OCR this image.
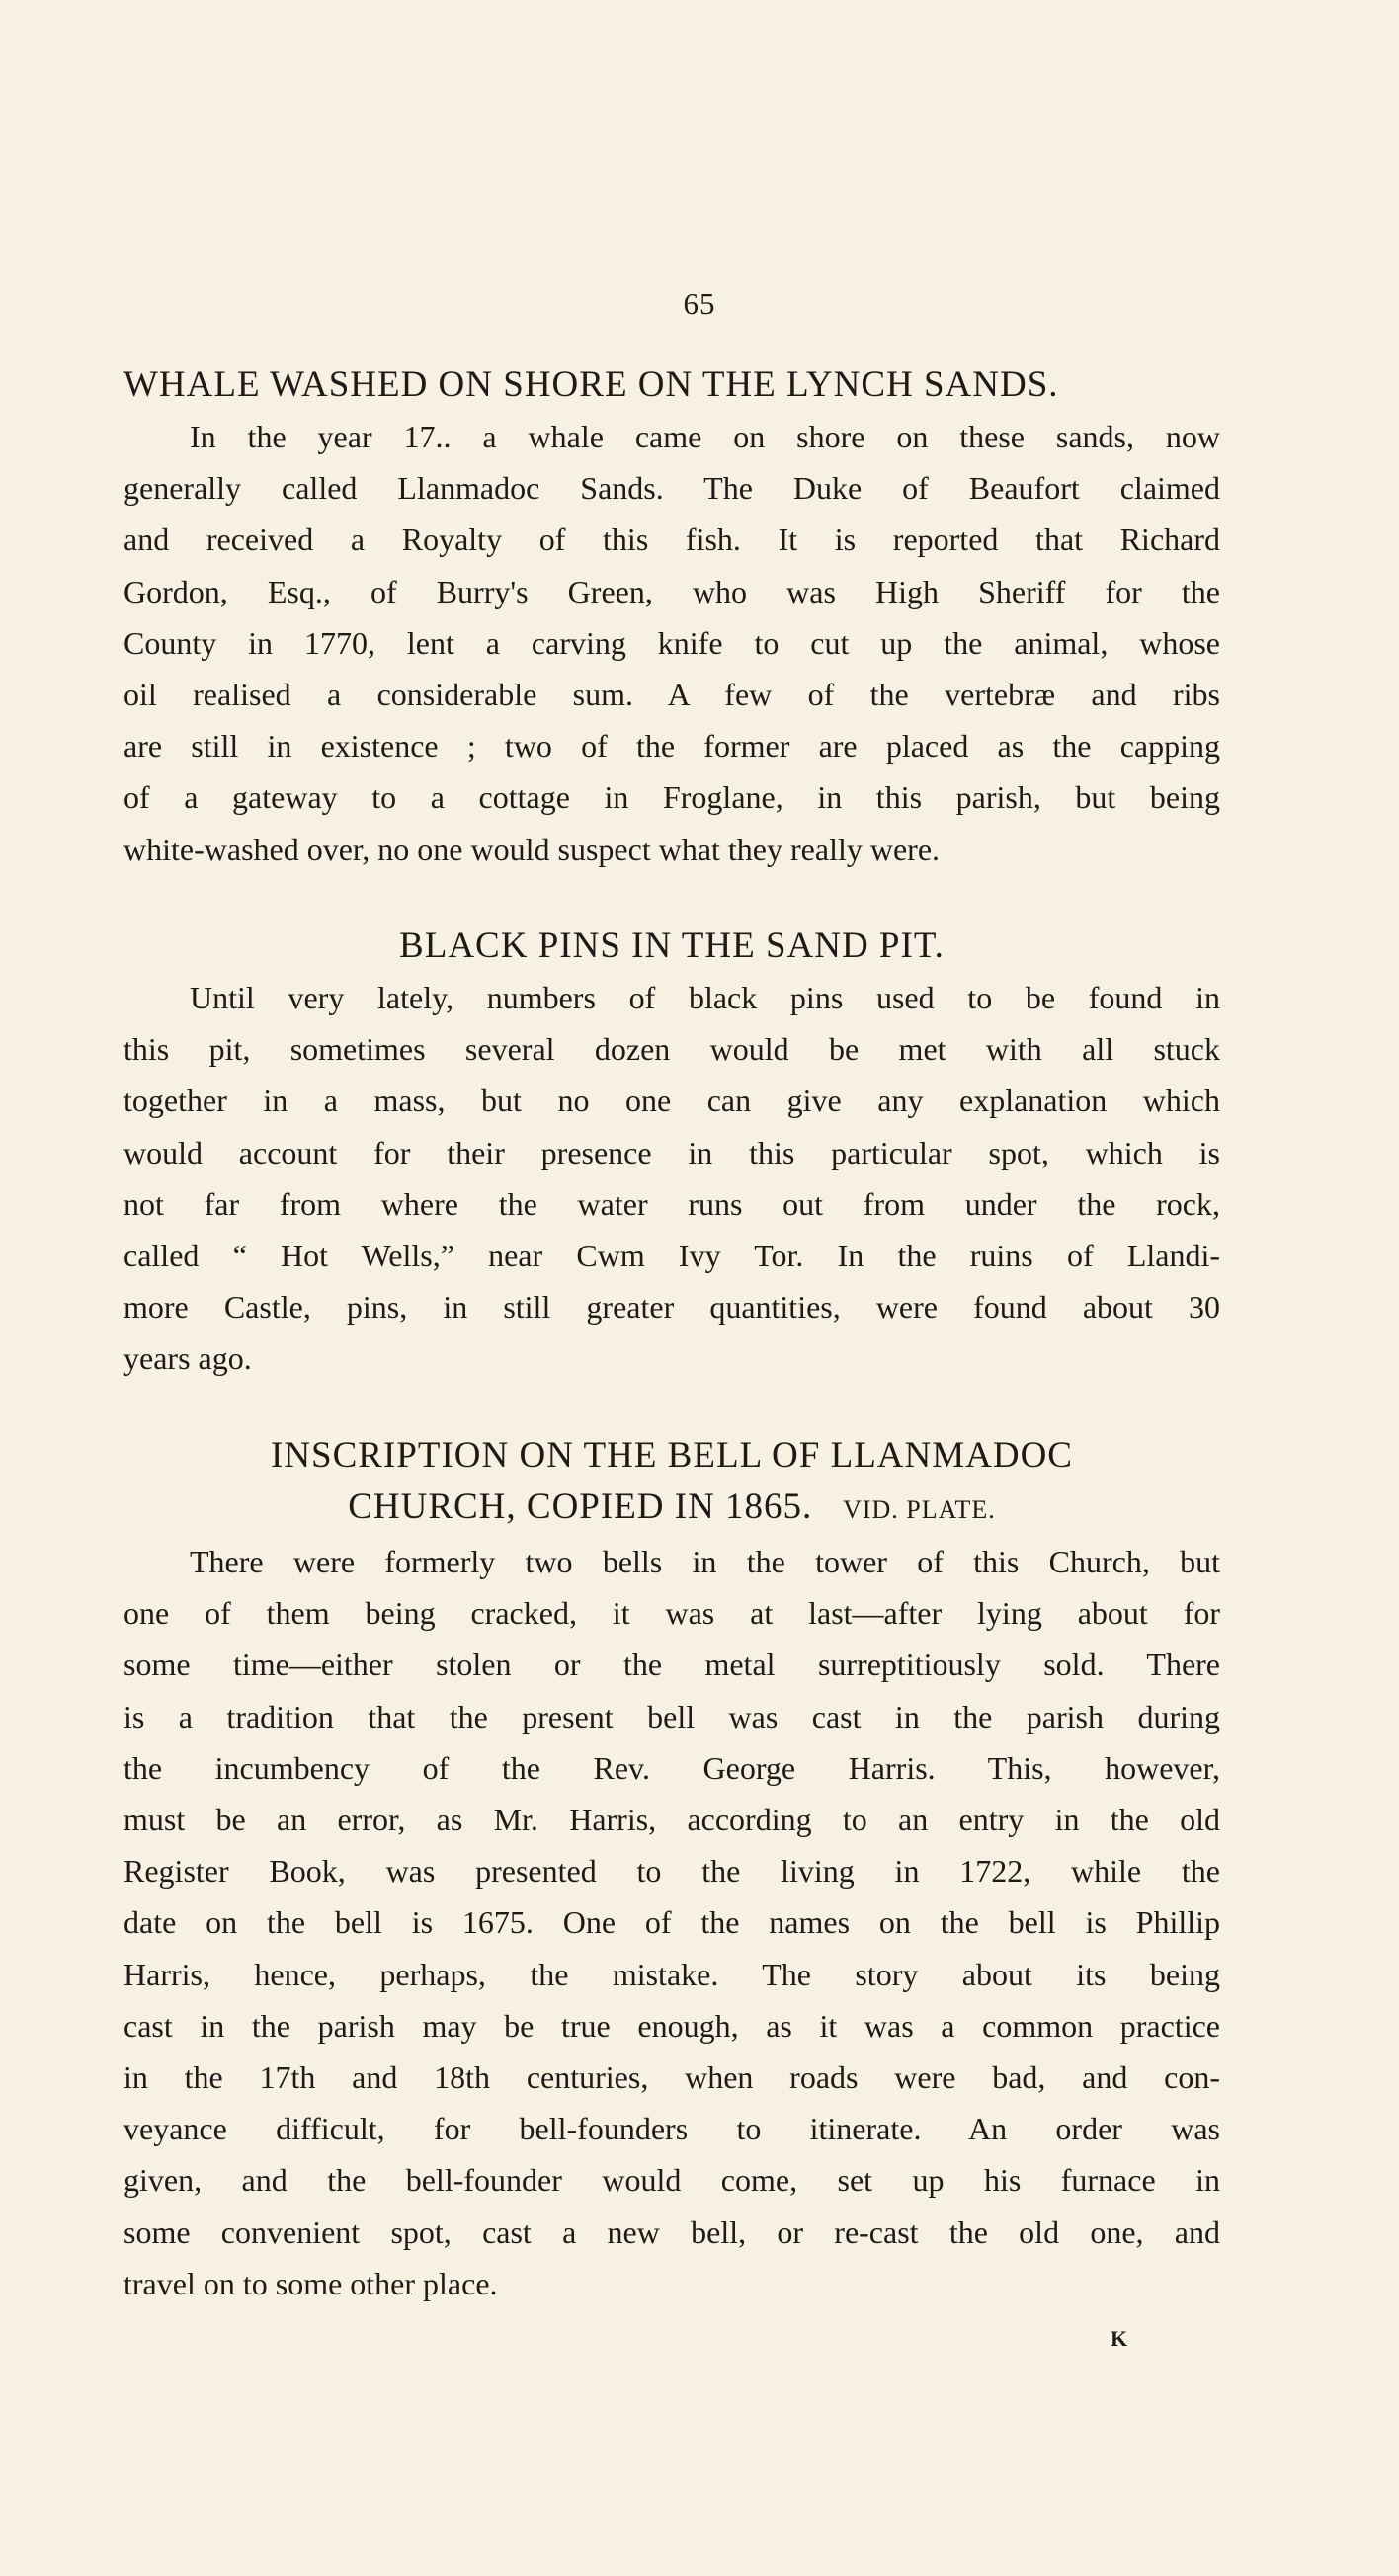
65
WHALE WASHED ON SHORE ON THE LYNCH SANDS.
In the year 17.. a whale came on shore on these sands, now
generally called Llanmadoc Sands. The Duke of Beaufort claimed
and received a Royalty of this fish. It is reported that Richard
Gordon, Esq., of Burry's Green, who was High Sheriff for the
County in 1770, lent a carving knife to cut up the animal, whose
oil realised a considerable sum. A few of the vertebræ and ribs
are still in existence ; two of the former are placed as the capping
of a gateway to a cottage in Froglane, in this parish, but being
white-washed over, no one would suspect what they really were.
BLACK PINS IN THE SAND PIT.
Until very lately, numbers of black pins used to be found in
this pit, sometimes several dozen would be met with all stuck
together in a mass, but no one can give any explanation which
would account for their presence in this particular spot, which is
not far from where the water runs out from under the rock,
called “ Hot Wells,” near Cwm Ivy Tor. In the ruins of Llandi-
more Castle, pins, in still greater quantities, were found about 30
years ago.
INSCRIPTION ON THE BELL OF LLANMADOC
CHURCH, COPIED IN 1865. VID. PLATE.
There were formerly two bells in the tower of this Church, but
one of them being cracked, it was at last—after lying about for
some time—either stolen or the metal surreptitiously sold. There
is a tradition that the present bell was cast in the parish during
the incumbency of the Rev. George Harris. This, however,
must be an error, as Mr. Harris, according to an entry in the old
Register Book, was presented to the living in 1722, while the
date on the bell is 1675. One of the names on the bell is Phillip
Harris, hence, perhaps, the mistake. The story about its being
cast in the parish may be true enough, as it was a common practice
in the 17th and 18th centuries, when roads were bad, and con-
veyance difficult, for bell-founders to itinerate. An order was
given, and the bell-founder would come, set up his furnace in
some convenient spot, cast a new bell, or re-cast the old one, and
travel on to some other place.
K
